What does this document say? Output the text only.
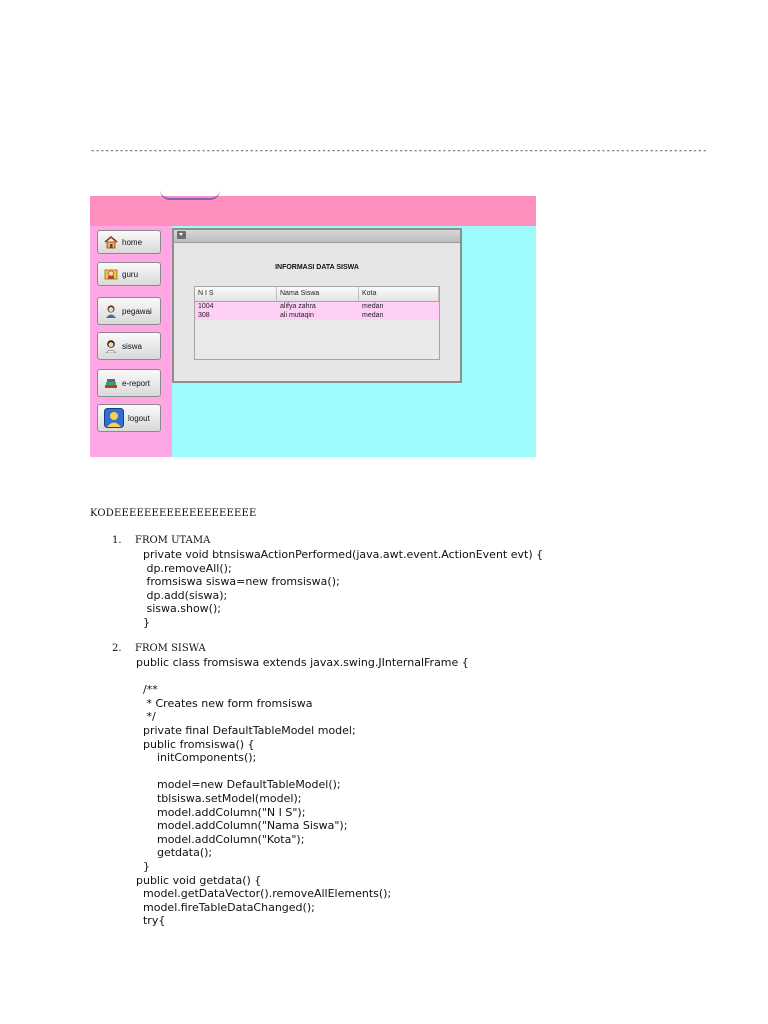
--------------------------------------------------------------------------------------------------------------------------------
home
guru
pegawai
siswa
e-report
logout
INFORMASI DATA SISWA
N I S	Nama Siswa	Kota
1004	alifya zahra	medan
308	ali mutaqin	medan
KODEEEEEEEEEEEEEEEEEEE
1. FROM UTAMA
private void btnsiswaActionPerformed(java.awt.event.ActionEvent evt) {
dp.removeAll();
fromsiswa siswa=new fromsiswa();
dp.add(siswa);
siswa.show();
}
2. FROM SISWA
public class fromsiswa extends javax.swing.JInternalFrame {

/**
* Creates new form fromsiswa
*/
private final DefaultTableModel model;
public fromsiswa() {
initComponents();

model=new DefaultTableModel();
tblsiswa.setModel(model);
model.addColumn("N I S");
model.addColumn("Nama Siswa");
model.addColumn("Kota");
getdata();
}
public void getdata() {
model.getDataVector().removeAllElements();
model.fireTableDataChanged();
try{
